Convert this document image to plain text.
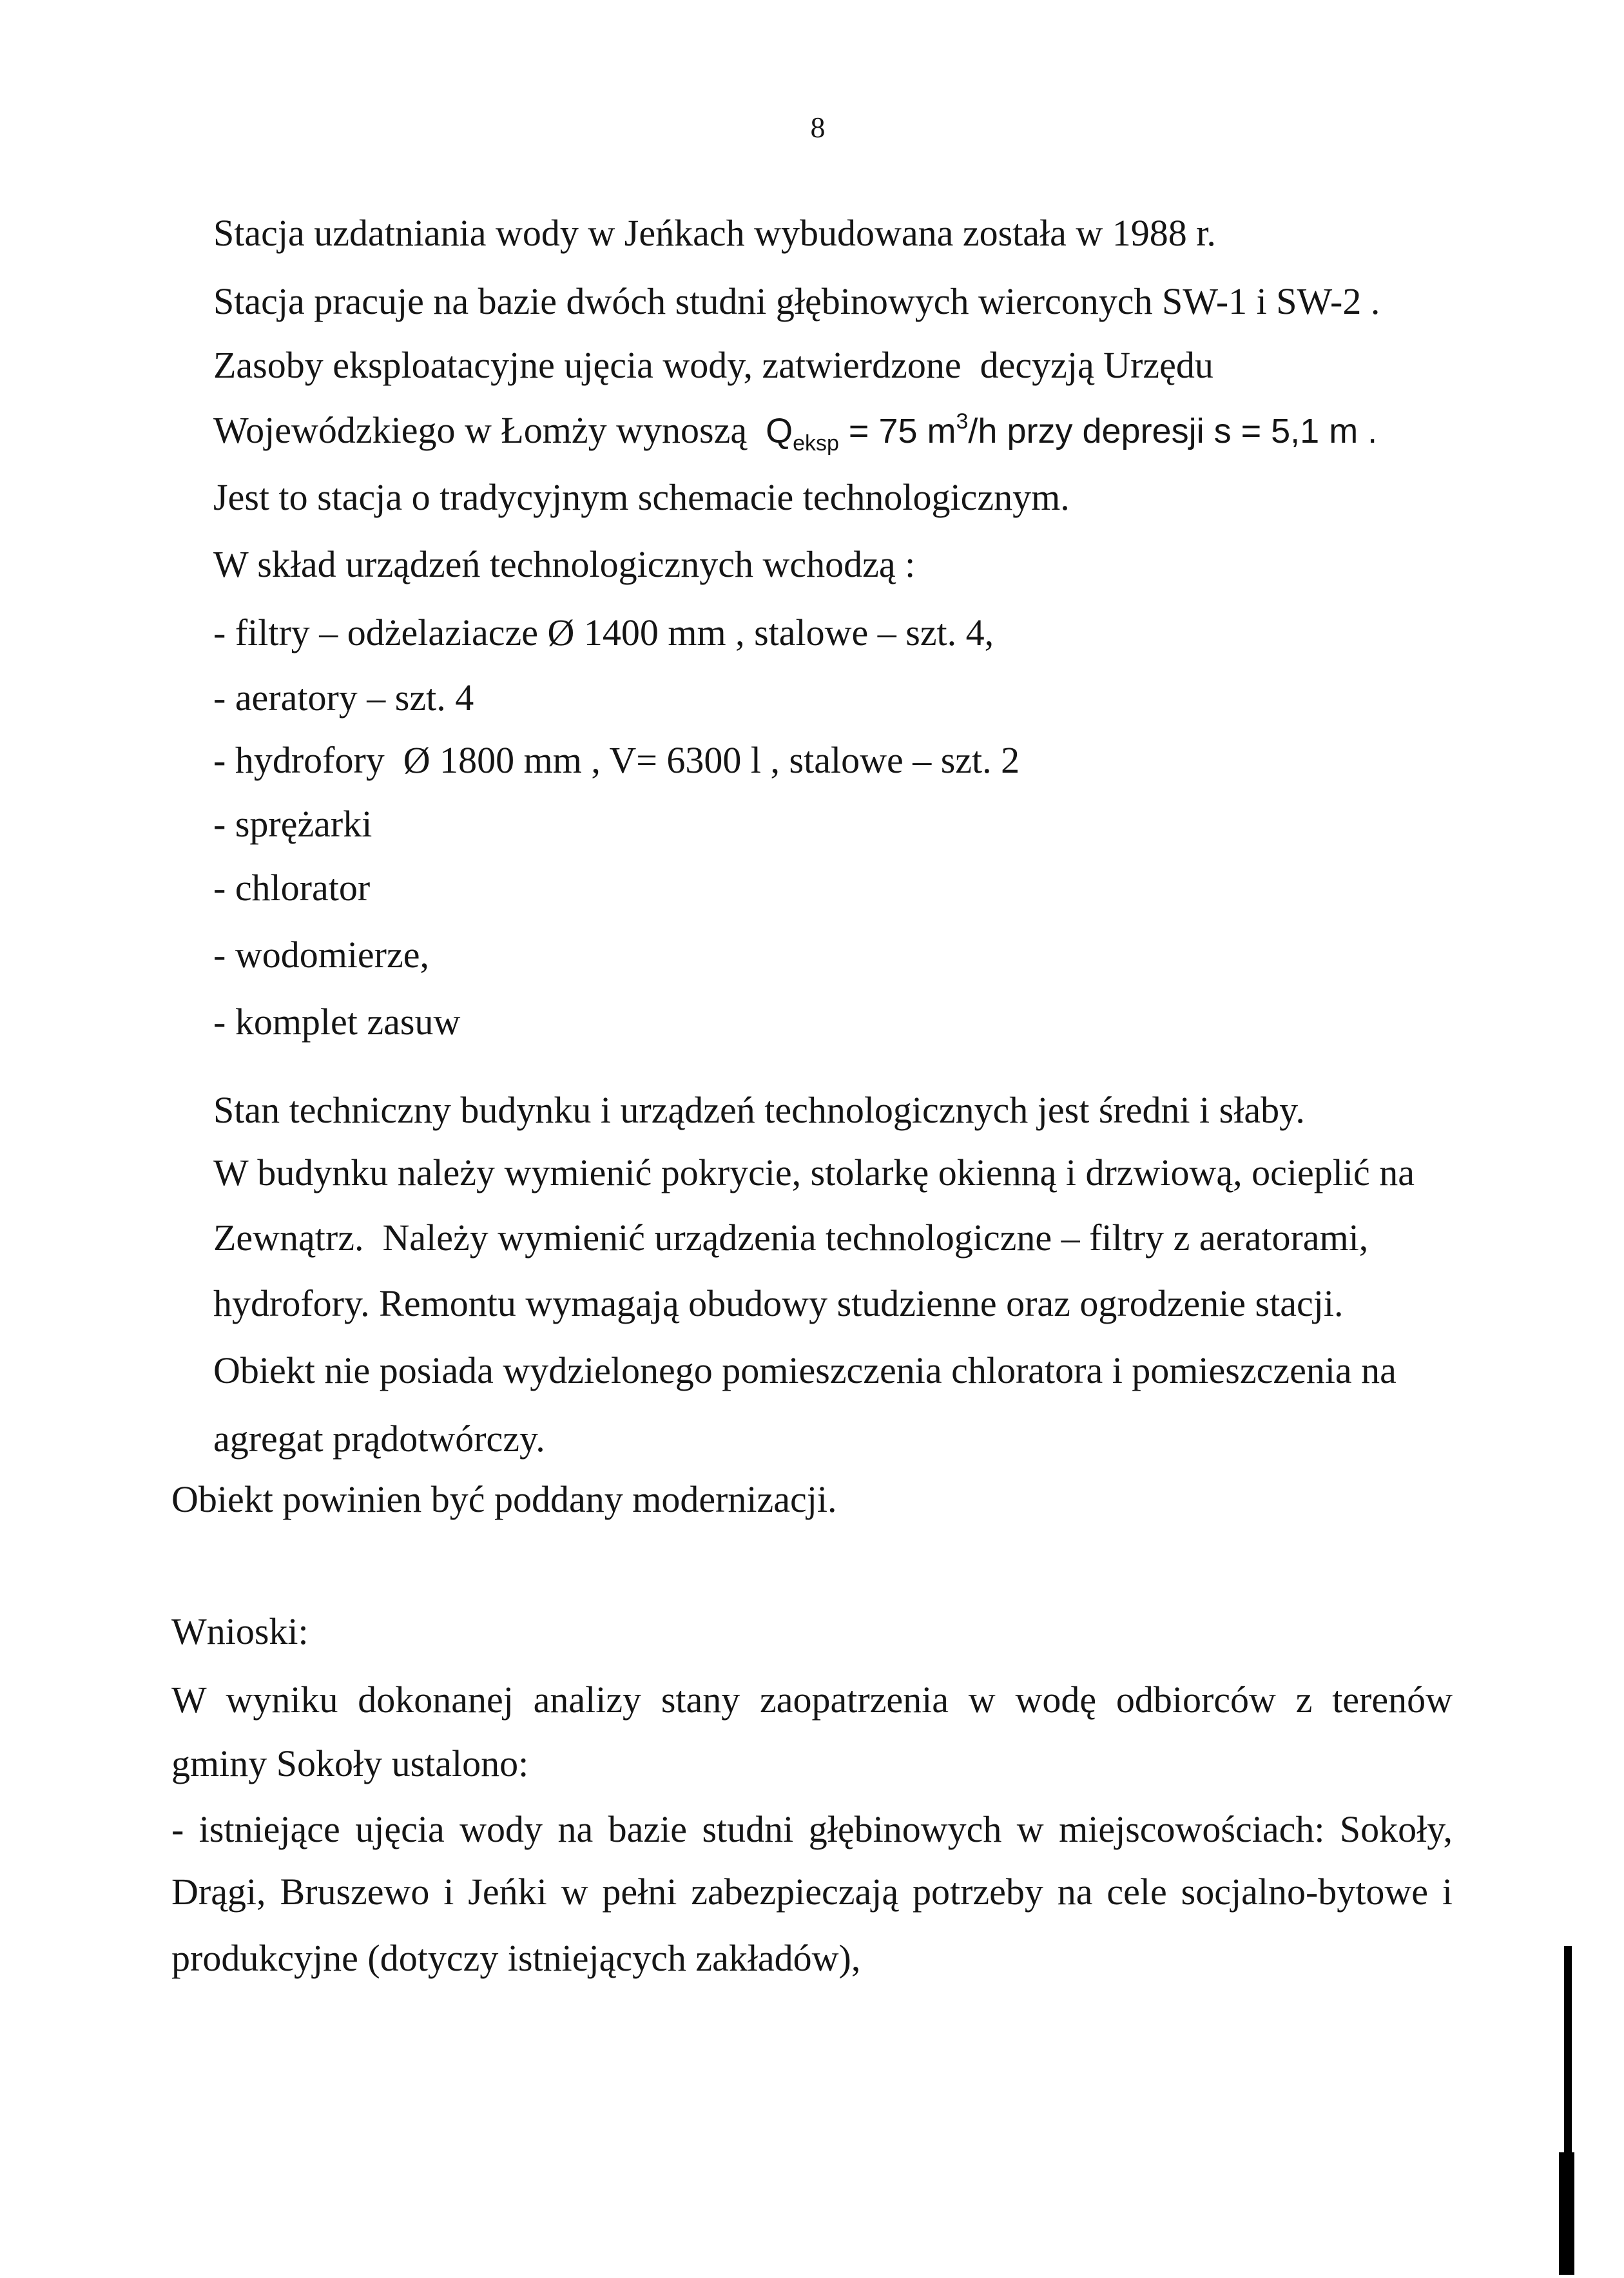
8
Stacja uzdatniania wody w Jeńkach wybudowana została w 1988 r.
Stacja pracuje na bazie dwóch studni głębinowych wierconych SW-1 i SW-2 .
Zasoby eksploatacyjne ujęcia wody, zatwierdzone  decyzją Urzędu
Wojewódzkiego w Łomży wynoszą  $Q_{eksp} = 75$ $m^3/h$ przy depresji s = 5,1 m .
Jest to stacja o tradycyjnym schemacie technologicznym.
W skład urządzeń technologicznych wchodzą :
- filtry – odżelaziacze Ø 1400 mm , stalowe – szt. 4,
- aeratory – szt. 4
- hydrofory  Ø 1800 mm , V= 6300 l , stalowe – szt. 2
- sprężarki
- chlorator
- wodomierze,
- komplet zasuw
Stan techniczny budynku i urządzeń technologicznych jest średni i słaby.
W budynku należy wymienić pokrycie, stolarkę okienną i drzwiową, ocieplić na
Zewnątrz.  Należy wymienić urządzenia technologiczne – filtry z aeratorami,
hydrofory. Remontu wymagają obudowy studzienne oraz ogrodzenie stacji.
Obiekt nie posiada wydzielonego pomieszczenia chloratora i pomieszczenia na
agregat prądotwórczy.
Obiekt powinien być poddany modernizacji.
Wnioski:
W wyniku dokonanej analizy stany zaopatrzenia w wodę odbiorców z terenów
gminy Sokoły ustalono:
- istniejące ujęcia wody na bazie studni głębinowych w miejscowościach: Sokoły,
Drągi, Bruszewo i Jeńki w pełni zabezpieczają potrzeby na cele socjalno-bytowe i
produkcyjne (dotyczy istniejących zakładów),
